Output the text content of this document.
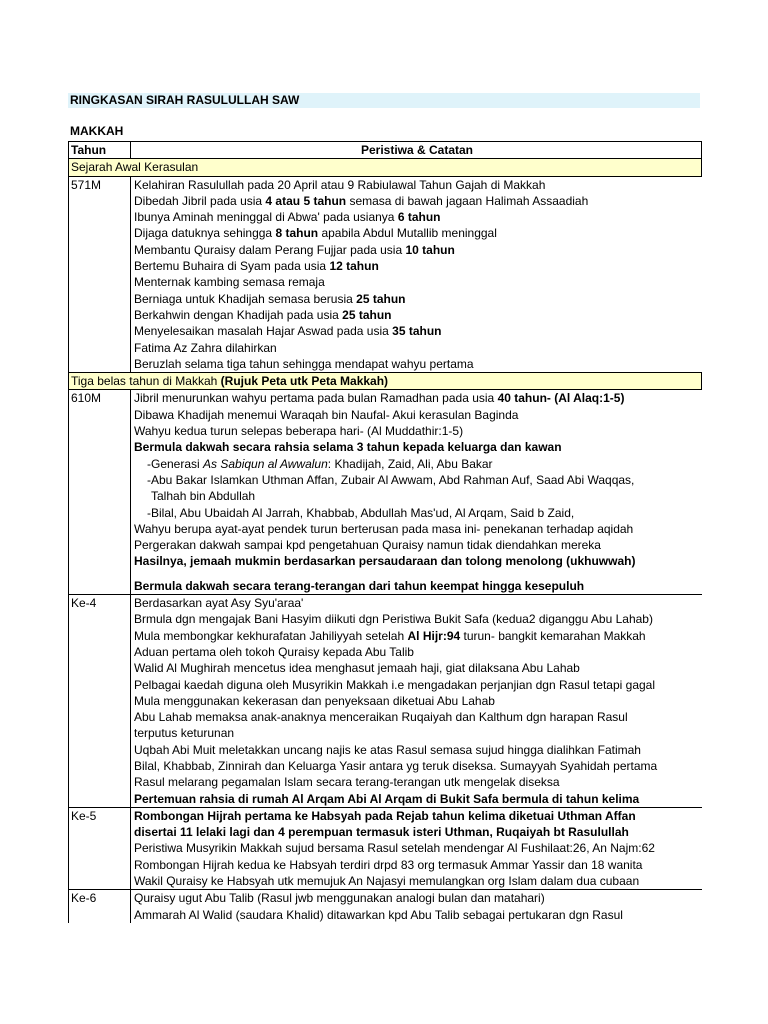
RINGKASAN SIRAH RASULULLAH SAW
MAKKAH
Tahun	Peristiwa & Catatan
Sejarah Awal Kerasulan	
571M	Kelahiran Rasulullah pada 20 April atau 9 Rabiulawal Tahun Gajah di Makkah
	Dibedah Jibril pada usia 4 atau 5 tahun semasa di bawah jagaan Halimah Assaadiah
	Ibunya Aminah meninggal di Abwa' pada usianya 6 tahun
	Dijaga datuknya sehingga 8 tahun apabila Abdul Mutallib meninggal
	Membantu Quraisy dalam Perang Fujjar pada usia 10 tahun
	Bertemu Buhaira di Syam pada usia 12 tahun
	Menternak kambing semasa remaja
	Berniaga untuk Khadijah semasa berusia 25 tahun
	Berkahwin dengan Khadijah pada usia 25 tahun
	Menyelesaikan masalah Hajar Aswad pada usia 35 tahun
	Fatima Az Zahra dilahirkan
	Beruzlah selama tiga tahun sehingga mendapat wahyu pertama
Tiga belas tahun di Makkah (Rujuk Peta utk Peta Makkah)	
610M	Jibril menurunkan wahyu pertama pada bulan Ramadhan pada usia 40 tahun- (Al Alaq:1-5)
	Dibawa Khadijah menemui Waraqah bin Naufal- Akui kerasulan Baginda
	Wahyu kedua turun selepas beberapa hari- (Al Muddathir:1-5)
	Bermula dakwah secara rahsia selama 3 tahun kepada keluarga dan kawan
	-Generasi As Sabiqun al Awwalun: Khadijah, Zaid, Ali, Abu Bakar
	-Abu Bakar Islamkan Uthman Affan, Zubair Al Awwam, Abd Rahman Auf, Saad Abi Waqqas,
	Talhah bin Abdullah
	-Bilal, Abu Ubaidah Al Jarrah, Khabbab, Abdullah Mas'ud, Al Arqam, Said b Zaid,
	Wahyu berupa ayat-ayat pendek turun berterusan pada masa ini- penekanan terhadap aqidah
	Pergerakan dakwah sampai kpd pengetahuan Quraisy namun tidak diendahkan mereka
	Hasilnya, jemaah mukmin berdasarkan persaudaraan dan tolong menolong (ukhuwwah)

	Bermula dakwah secara terang-terangan dari tahun keempat hingga kesepuluh
Ke-4	Berdasarkan ayat Asy Syu'araa'
	Brmula dgn mengajak Bani Hasyim diikuti dgn Peristiwa Bukit Safa (kedua2 diganggu Abu Lahab)
	Mula membongkar kekhurafatan Jahiliyyah setelah Al Hijr:94 turun- bangkit kemarahan Makkah
	Aduan pertama oleh tokoh Quraisy kepada Abu Talib
	Walid Al Mughirah mencetus idea menghasut jemaah haji, giat dilaksana Abu Lahab
	Pelbagai kaedah diguna oleh Musyrikin Makkah i.e mengadakan perjanjian dgn Rasul tetapi gagal
	Mula menggunakan kekerasan dan penyeksaan diketuai Abu Lahab
	Abu Lahab memaksa anak-anaknya menceraikan Ruqaiyah dan Kalthum dgn harapan Rasul
	terputus keturunan
	Uqbah Abi Muit meletakkan uncang najis ke atas Rasul semasa sujud hingga dialihkan Fatimah
	Bilal, Khabbab, Zinnirah dan Keluarga Yasir antara yg teruk diseksa. Sumayyah Syahidah pertama
	Rasul melarang pegamalan Islam secara terang-terangan utk mengelak diseksa
	Pertemuan rahsia di rumah Al Arqam Abi Al Arqam di Bukit Safa bermula di tahun kelima
Ke-5	Rombongan Hijrah pertama ke Habsyah pada Rejab tahun kelima diketuai Uthman Affan
	disertai 11 lelaki lagi dan 4 perempuan termasuk isteri Uthman, Ruqaiyah bt Rasulullah
	Peristiwa Musyrikin Makkah sujud bersama Rasul setelah mendengar Al Fushilaat:26, An Najm:62
	Rombongan Hijrah kedua ke Habsyah terdiri drpd 83 org termasuk Ammar Yassir dan 18 wanita
	Wakil Quraisy ke Habsyah utk memujuk An Najasyi memulangkan org Islam dalam dua cubaan
Ke-6	Quraisy ugut Abu Talib (Rasul jwb menggunakan analogi bulan dan matahari)
	Ammarah Al Walid (saudara Khalid) ditawarkan kpd Abu Talib sebagai pertukaran dgn Rasul
